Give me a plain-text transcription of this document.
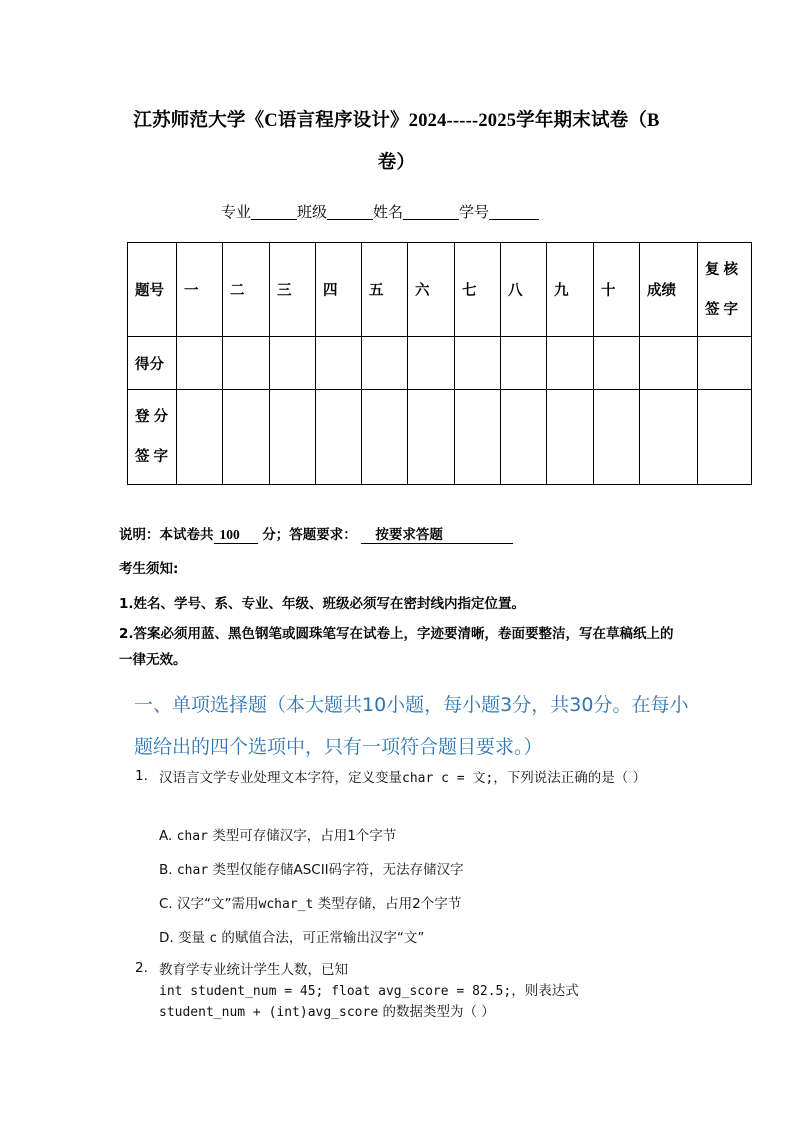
江苏师范大学《C语言程序设计》2024-----2025学年期末试卷（B
卷）
专业	班级	姓名	学号
题号	一	二	三	四	五	六	七	八	九	十	成绩	复核
签字

得分												

登分
签字												

说明：本试卷共 100 分；答题要求： 按要求答题
考生须知:
1.姓名、学号、系、专业、年级、班级必须写在密封线内指定位置。
2.答案必须用蓝、黑色钢笔或圆珠笔写在试卷上，字迹要清晰，卷面要整洁，写在草稿纸上的一律无效。
一、单项选择题（本大题共10小题，每小题3分，共30分。在每小题给出的四个选项中，只有一项符合题目要求。）
1. 汉语言文学专业处理文本字符，定义变量char c = 文;，下列说法正确的是（ ）
A. char 类型可存储汉字，占用1个字节
B. char 类型仅能存储ASCII码字符，无法存储汉字
C. 汉字“文”需用wchar_t 类型存储，占用2个字节
D. 变量 c 的赋值合法，可正常输出汉字“文”
2. 教育学专业统计学生人数，已知
int student_num = 45; float avg_score = 82.5;，则表达式
student_num + (int)avg_score 的数据类型为（ ）
